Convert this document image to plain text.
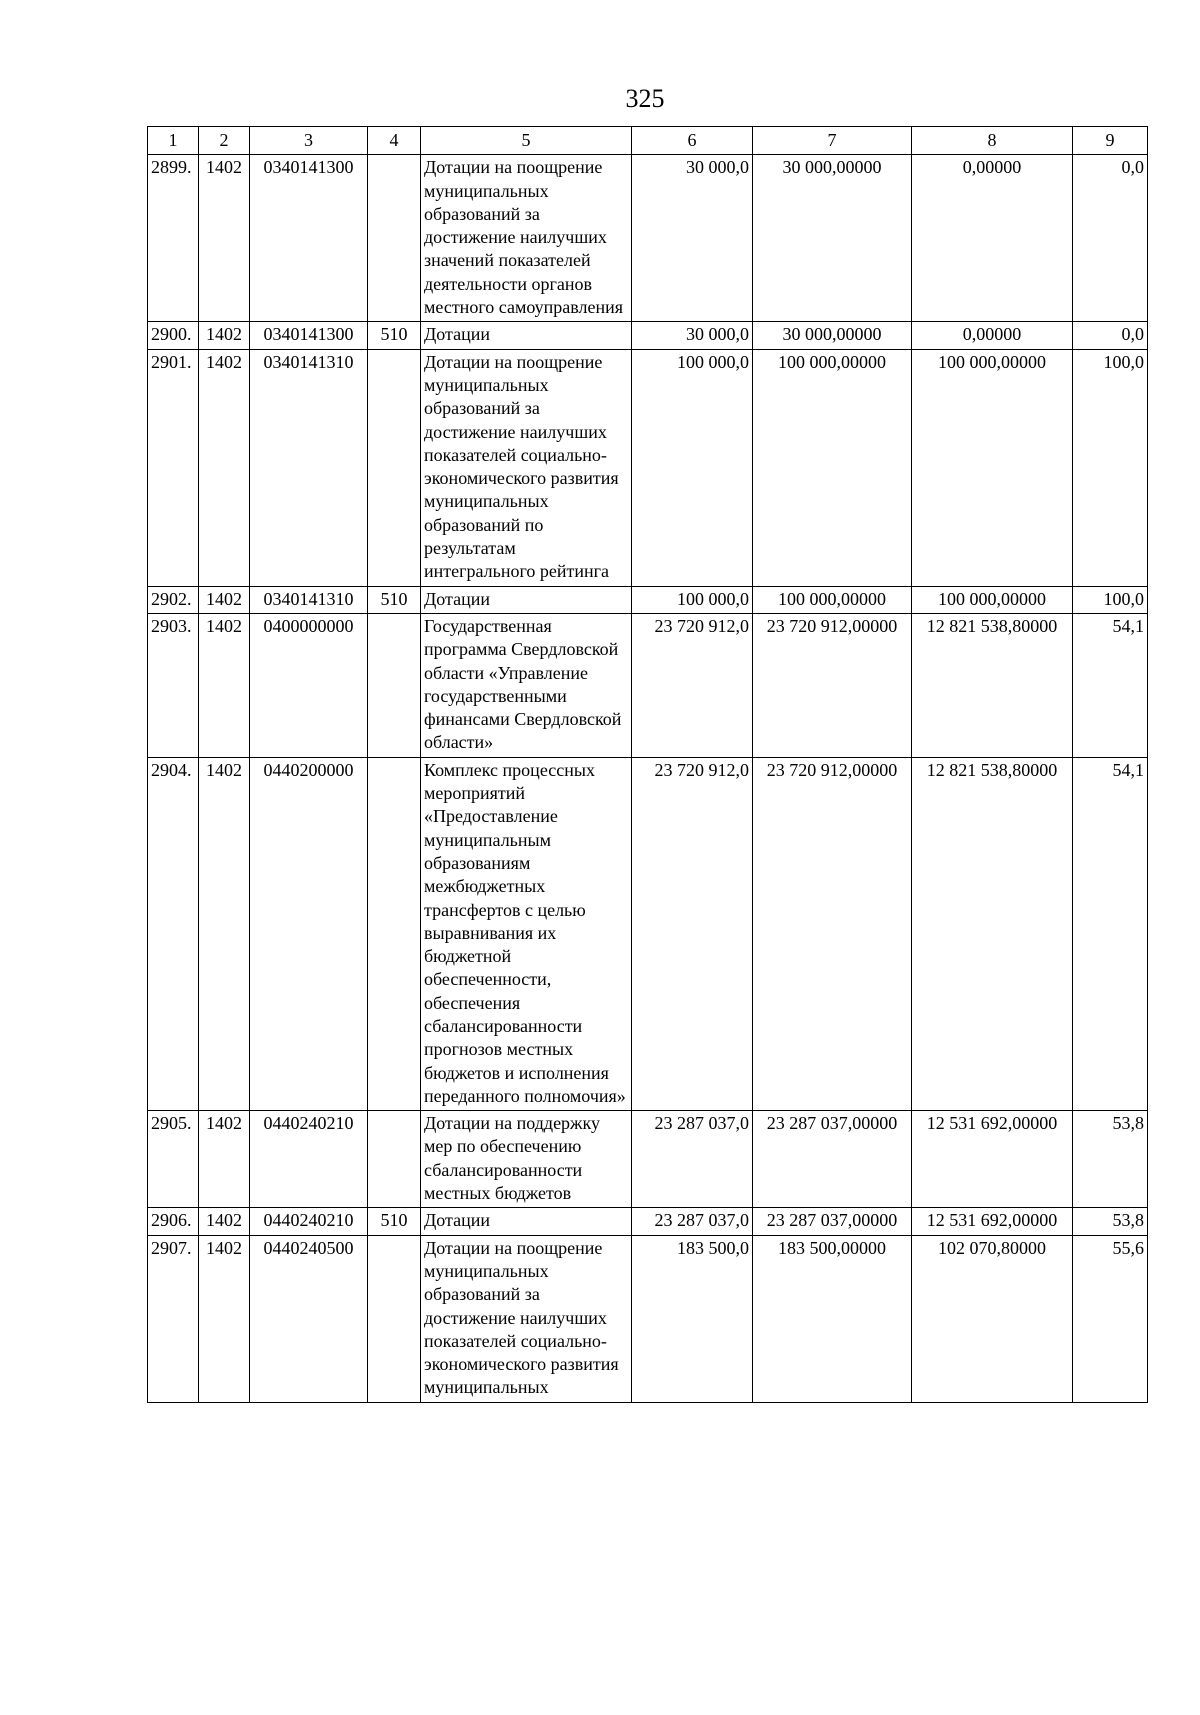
325
1	2	3	4	5	6	7	8	9
2899.	1402	0340141300		Дотации на поощрение муниципальных образований за достижение наилучших значений показателей деятельности органов местного самоуправления	30 000,0	30 000,00000	0,00000	0,0
2900.	1402	0340141300	510	Дотации	30 000,0	30 000,00000	0,00000	0,0
2901.	1402	0340141310		Дотации на поощрение муниципальных образований за достижение наилучших показателей социально-экономического развития муниципальных образований по результатам интегрального рейтинга	100 000,0	100 000,00000	100 000,00000	100,0
2902.	1402	0340141310	510	Дотации	100 000,0	100 000,00000	100 000,00000	100,0
2903.	1402	0400000000		Государственная программа Свердловской области «Управление государственными финансами Свердловской области»	23 720 912,0	23 720 912,00000	12 821 538,80000	54,1
2904.	1402	0440200000		Комплекс процессных мероприятий «Предоставление муниципальным образованиям межбюджетных трансфертов с целью выравнивания их бюджетной обеспеченности, обеспечения сбалансированности прогнозов местных бюджетов и исполнения переданного полномочия»	23 720 912,0	23 720 912,00000	12 821 538,80000	54,1
2905.	1402	0440240210		Дотации на поддержку мер по обеспечению сбалансированности местных бюджетов	23 287 037,0	23 287 037,00000	12 531 692,00000	53,8
2906.	1402	0440240210	510	Дотации	23 287 037,0	23 287 037,00000	12 531 692,00000	53,8
2907.	1402	0440240500		Дотации на поощрение муниципальных образований за достижение наилучших показателей социально-экономического развития муниципальных	183 500,0	183 500,00000	102 070,80000	55,6
